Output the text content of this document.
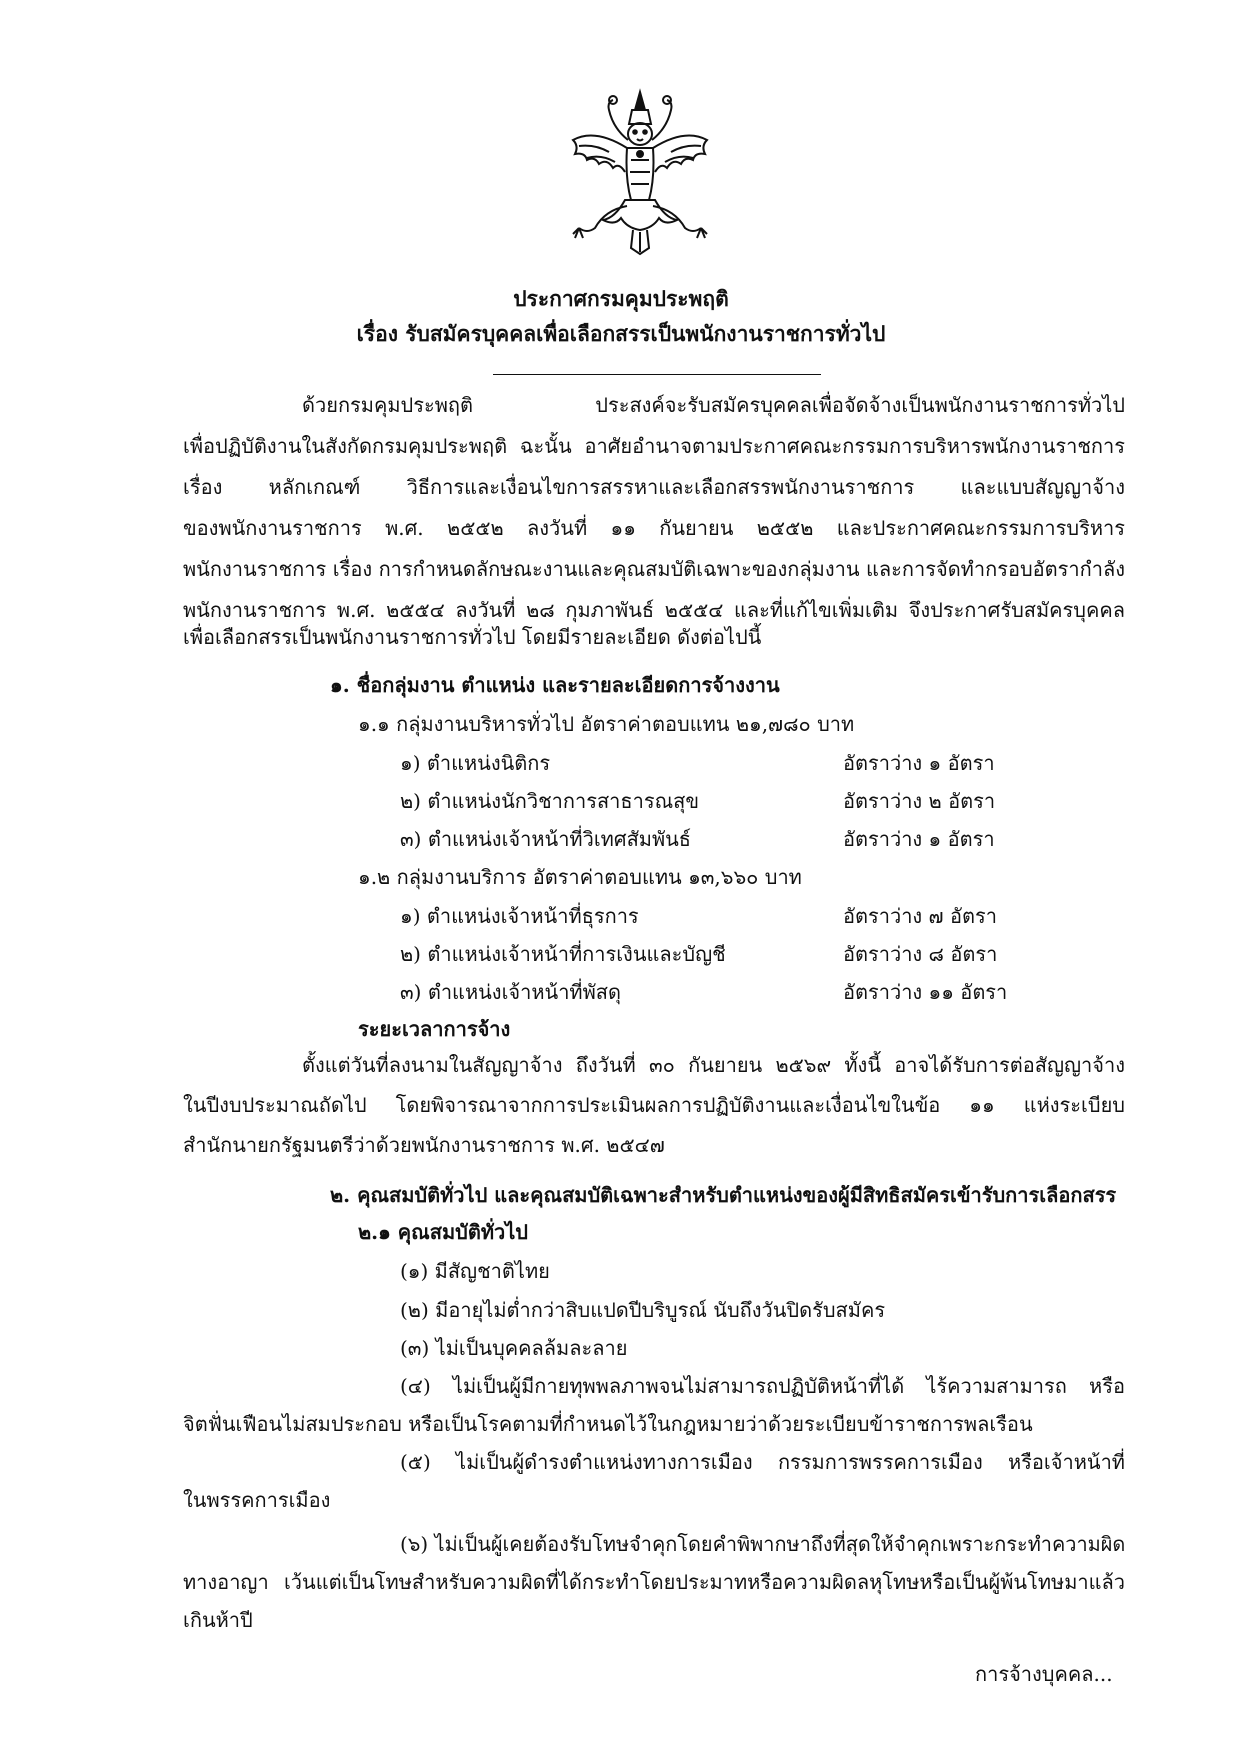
ประกาศกรมคุมประพฤติ
เรื่อง รับสมัครบุคคลเพื่อเลือกสรรเป็นพนักงานราชการทั่วไป
ด้วยกรมคุมประพฤติ ประสงค์จะรับสมัครบุคคลเพื่อจัดจ้างเป็นพนักงานราชการทั่วไป
เพื่อปฏิบัติงานในสังกัดกรมคุมประพฤติ ฉะนั้น อาศัยอำนาจตามประกาศคณะกรรมการบริหารพนักงานราชการ
เรื่อง หลักเกณฑ์ วิธีการและเงื่อนไขการสรรหาและเลือกสรรพนักงานราชการ และแบบสัญญาจ้าง
ของพนักงานราชการ พ.ศ. ๒๕๕๒ ลงวันที่ ๑๑ กันยายน ๒๕๕๒ และประกาศคณะกรรมการบริหาร
พนักงานราชการ เรื่อง การกำหนดลักษณะงานและคุณสมบัติเฉพาะของกลุ่มงาน และการจัดทำกรอบอัตรากำลัง
พนักงานราชการ พ.ศ. ๒๕๕๔ ลงวันที่ ๒๘ กุมภาพันธ์ ๒๕๕๔ และที่แก้ไขเพิ่มเติม จึงประกาศรับสมัครบุคคล
เพื่อเลือกสรรเป็นพนักงานราชการทั่วไป โดยมีรายละเอียด ดังต่อไปนี้
๑. ชื่อกลุ่มงาน ตำแหน่ง และรายละเอียดการจ้างงาน
๑.๑ กลุ่มงานบริหารทั่วไป อัตราค่าตอบแทน ๒๑,๗๘๐ บาท
๑) ตำแหน่งนิติกร	อัตราว่าง ๑ อัตรา
๒) ตำแหน่งนักวิชาการสาธารณสุข	อัตราว่าง ๒ อัตรา
๓) ตำแหน่งเจ้าหน้าที่วิเทศสัมพันธ์	อัตราว่าง ๑ อัตรา
๑.๒ กลุ่มงานบริการ อัตราค่าตอบแทน ๑๓,๖๖๐ บาท
๑) ตำแหน่งเจ้าหน้าที่ธุรการ	อัตราว่าง ๗ อัตรา
๒) ตำแหน่งเจ้าหน้าที่การเงินและบัญชี	อัตราว่าง ๘ อัตรา
๓) ตำแหน่งเจ้าหน้าที่พัสดุ	อัตราว่าง ๑๑ อัตรา
ระยะเวลาการจ้าง
ตั้งแต่วันที่ลงนามในสัญญาจ้าง ถึงวันที่ ๓๐ กันยายน ๒๕๖๙ ทั้งนี้ อาจได้รับการต่อสัญญาจ้าง
ในปีงบประมาณถัดไป โดยพิจารณาจากการประเมินผลการปฏิบัติงานและเงื่อนไขในข้อ ๑๑ แห่งระเบียบ
สำนักนายกรัฐมนตรีว่าด้วยพนักงานราชการ พ.ศ. ๒๕๔๗
๒. คุณสมบัติทั่วไป และคุณสมบัติเฉพาะสำหรับตำแหน่งของผู้มีสิทธิสมัครเข้ารับการเลือกสรร
๒.๑ คุณสมบัติทั่วไป
(๑) มีสัญชาติไทย
(๒) มีอายุไม่ต่ำกว่าสิบแปดปีบริบูรณ์ นับถึงวันปิดรับสมัคร
(๓) ไม่เป็นบุคคลล้มละลาย
(๔) ไม่เป็นผู้มีกายทุพพลภาพจนไม่สามารถปฏิบัติหน้าที่ได้ ไร้ความสามารถ หรือ
จิตฟั่นเฟือนไม่สมประกอบ หรือเป็นโรคตามที่กำหนดไว้ในกฎหมายว่าด้วยระเบียบข้าราชการพลเรือน
(๕) ไม่เป็นผู้ดำรงตำแหน่งทางการเมือง กรรมการพรรคการเมือง หรือเจ้าหน้าที่
ในพรรคการเมือง
(๖) ไม่เป็นผู้เคยต้องรับโทษจำคุกโดยคำพิพากษาถึงที่สุดให้จำคุกเพราะกระทำความผิด
ทางอาญา เว้นแต่เป็นโทษสำหรับความผิดที่ได้กระทำโดยประมาทหรือความผิดลหุโทษหรือเป็นผู้พ้นโทษมาแล้ว
เกินห้าปี
การจ้างบุคคล...
